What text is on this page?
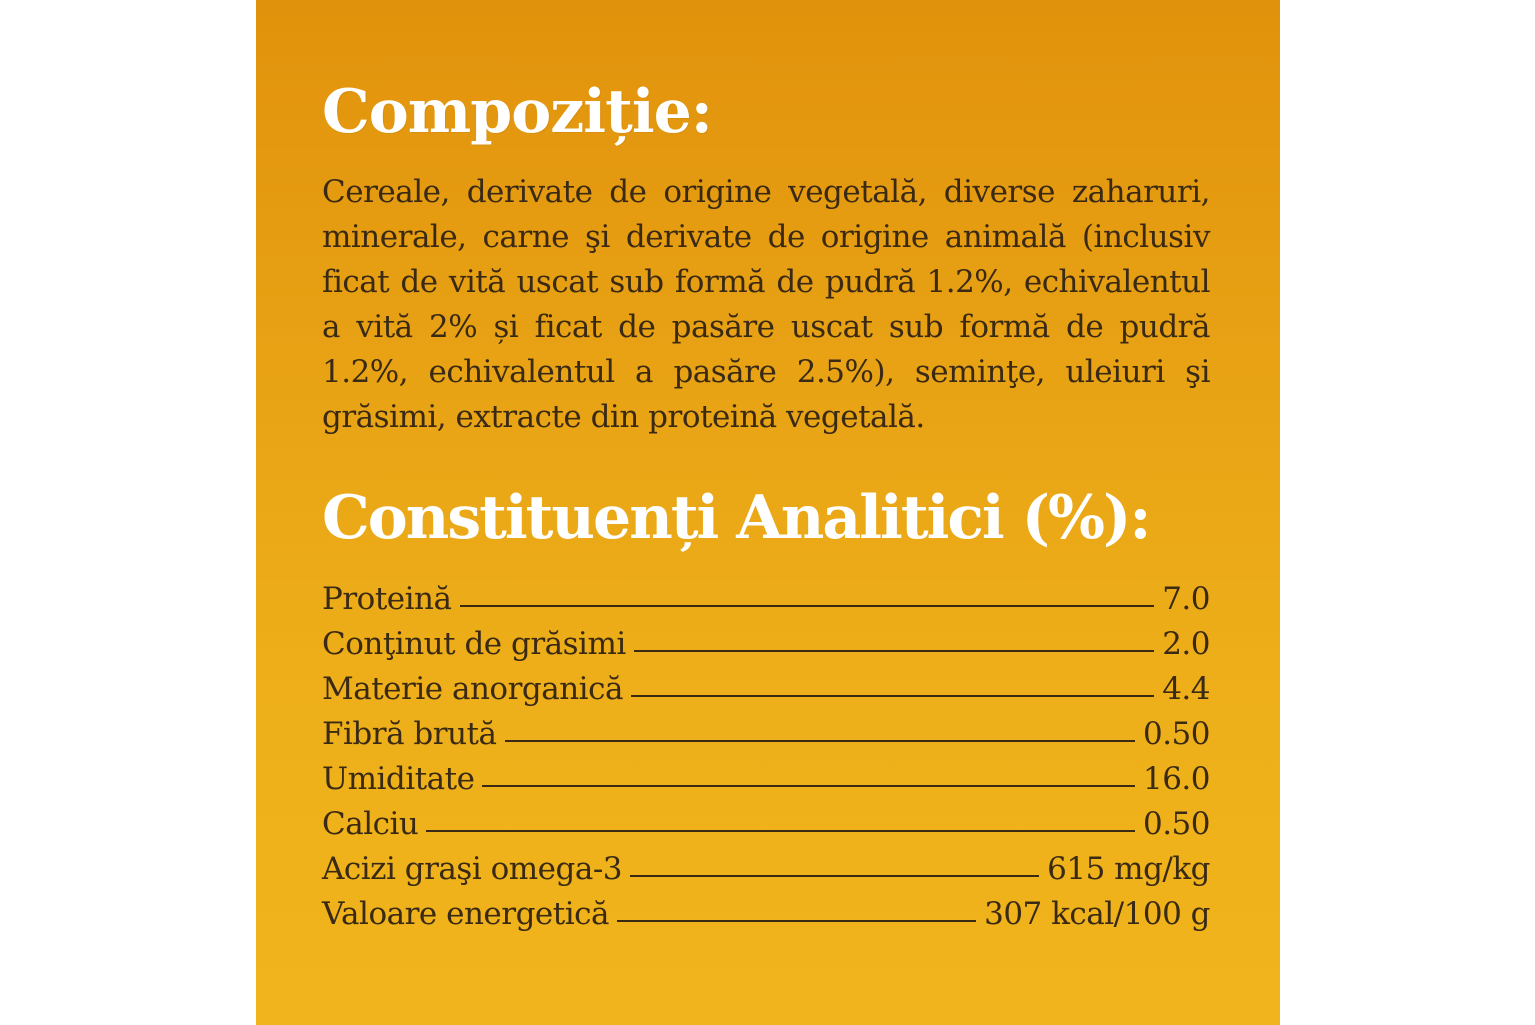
Compoziție:

Cereale, derivate de origine vegetală, diverse zaharuri, minerale, carne şi derivate de origine animală (inclusiv ficat de vită uscat sub formă de pudră 1.2%, echivalentul a vită 2% și ficat de pasăre uscat sub formă de pudră 1.2%, echivalentul a pasăre 2.5%), seminţe, uleiuri şi grăsimi, extracte din proteină vegetală.

Constituenți Analitici (%):
Proteină	7.0
Conţinut de grăsimi	2.0
Materie anorganică	4.4
Fibră brută	0.50
Umiditate	16.0
Calciu	0.50
Acizi graşi omega-3	615 mg/kg
Valoare energetică	307 kcal/100 g
